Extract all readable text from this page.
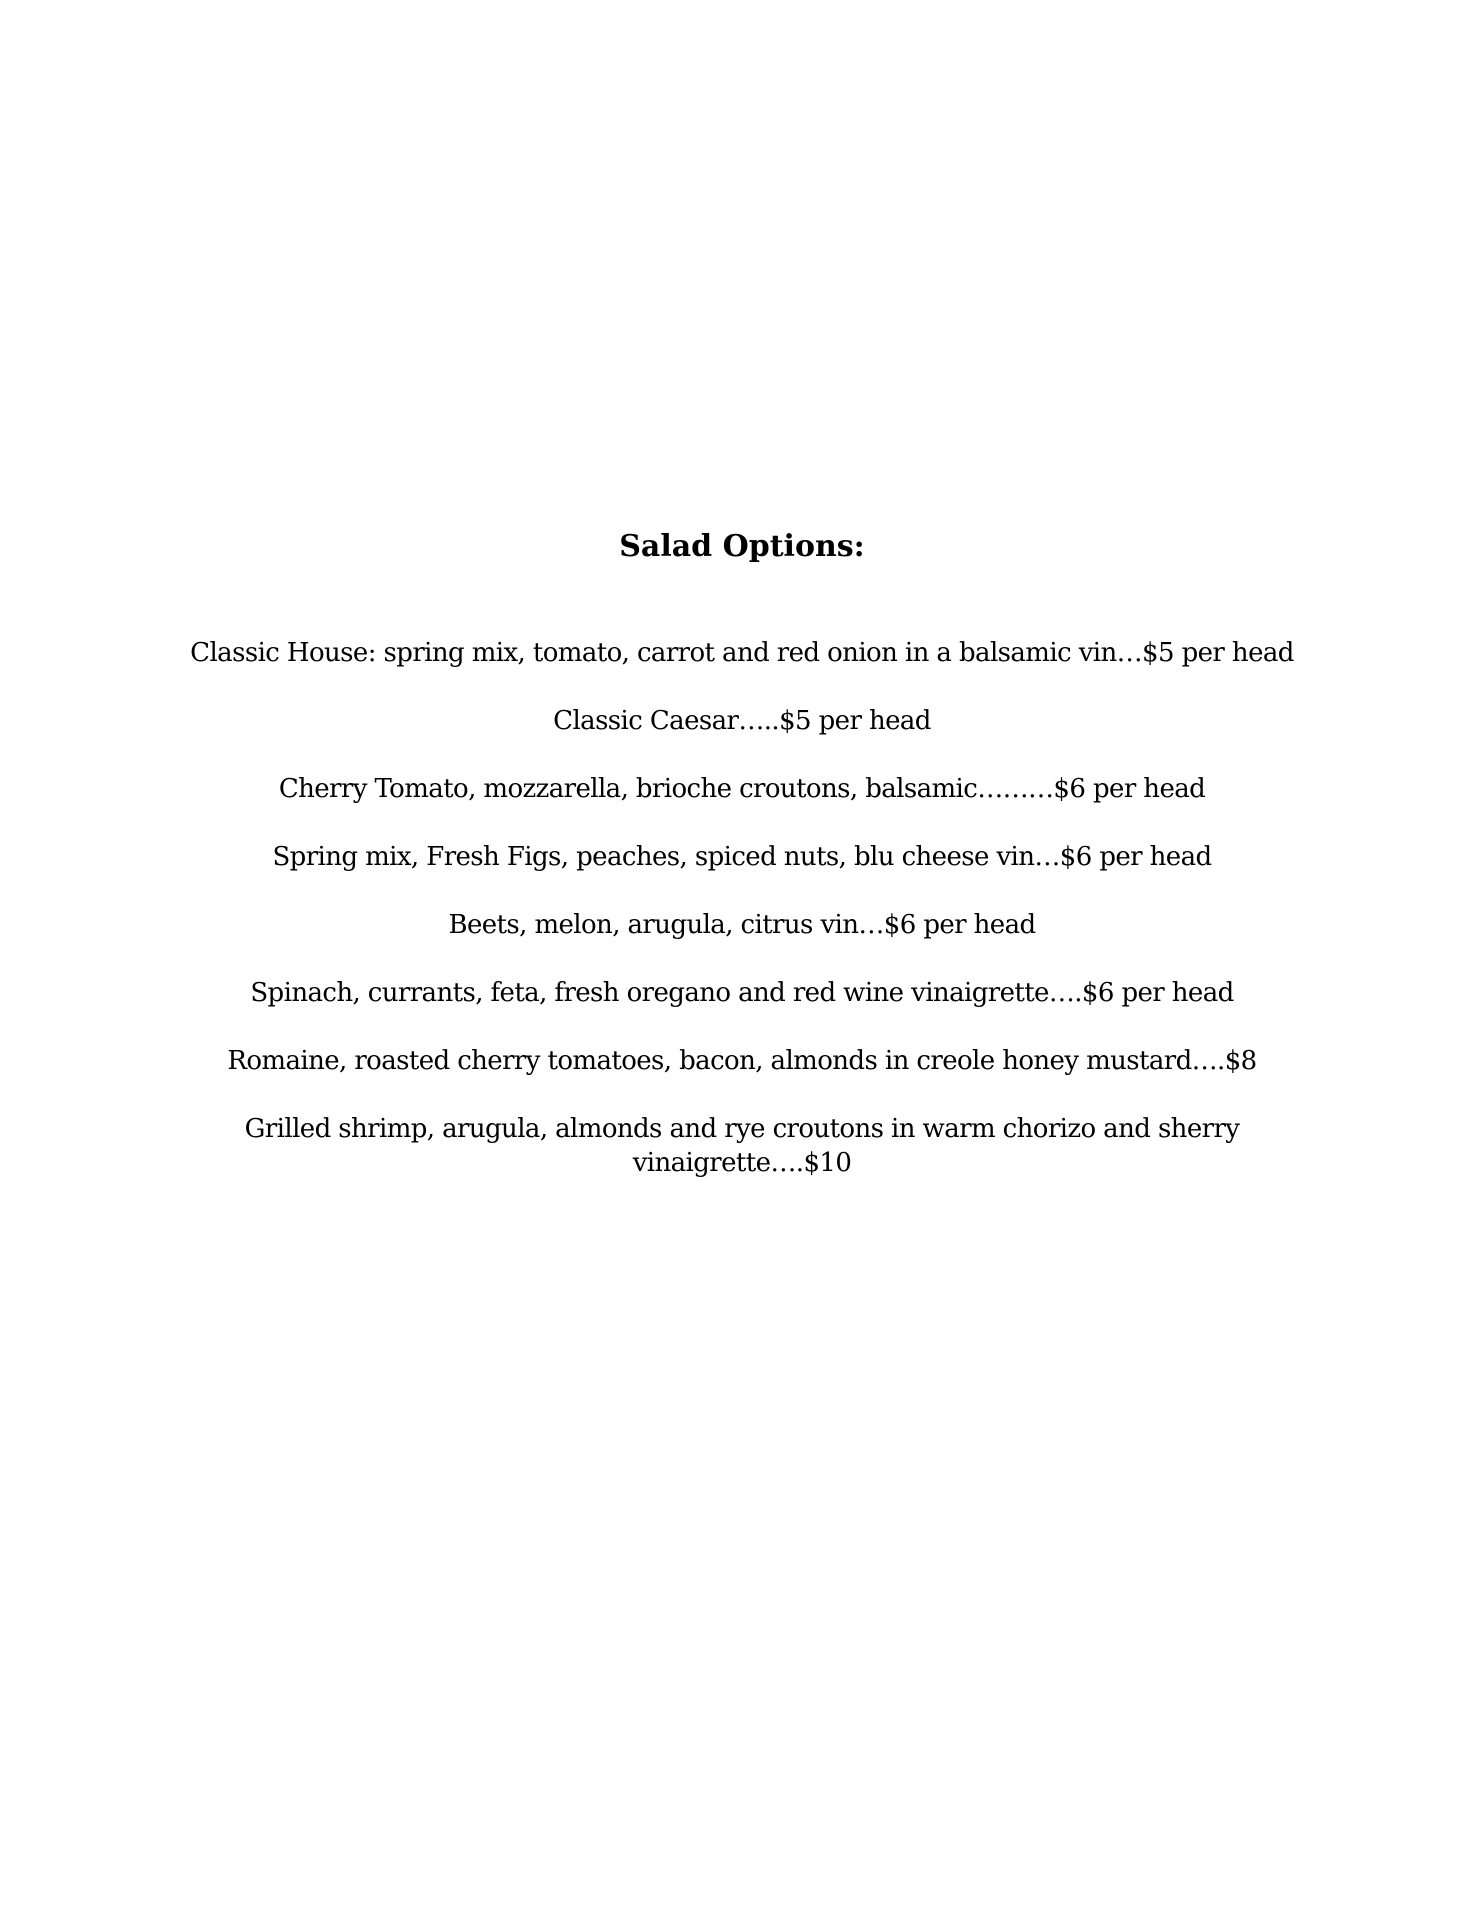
Salad Options:
Classic House: spring mix, tomato, carrot and red onion in a balsamic vin…$5 per head
Classic Caesar…..$5 per head
Cherry Tomato, mozzarella, brioche croutons, balsamic………$6 per head
Spring mix, Fresh Figs, peaches, spiced nuts, blu cheese vin…$6 per head
Beets, melon, arugula, citrus vin…$6 per head
Spinach, currants, feta, fresh oregano and red wine vinaigrette….$6 per head
Romaine, roasted cherry tomatoes, bacon, almonds in creole honey mustard….$8
Grilled shrimp, arugula, almonds and rye croutons in warm chorizo and sherry vinaigrette….$10
